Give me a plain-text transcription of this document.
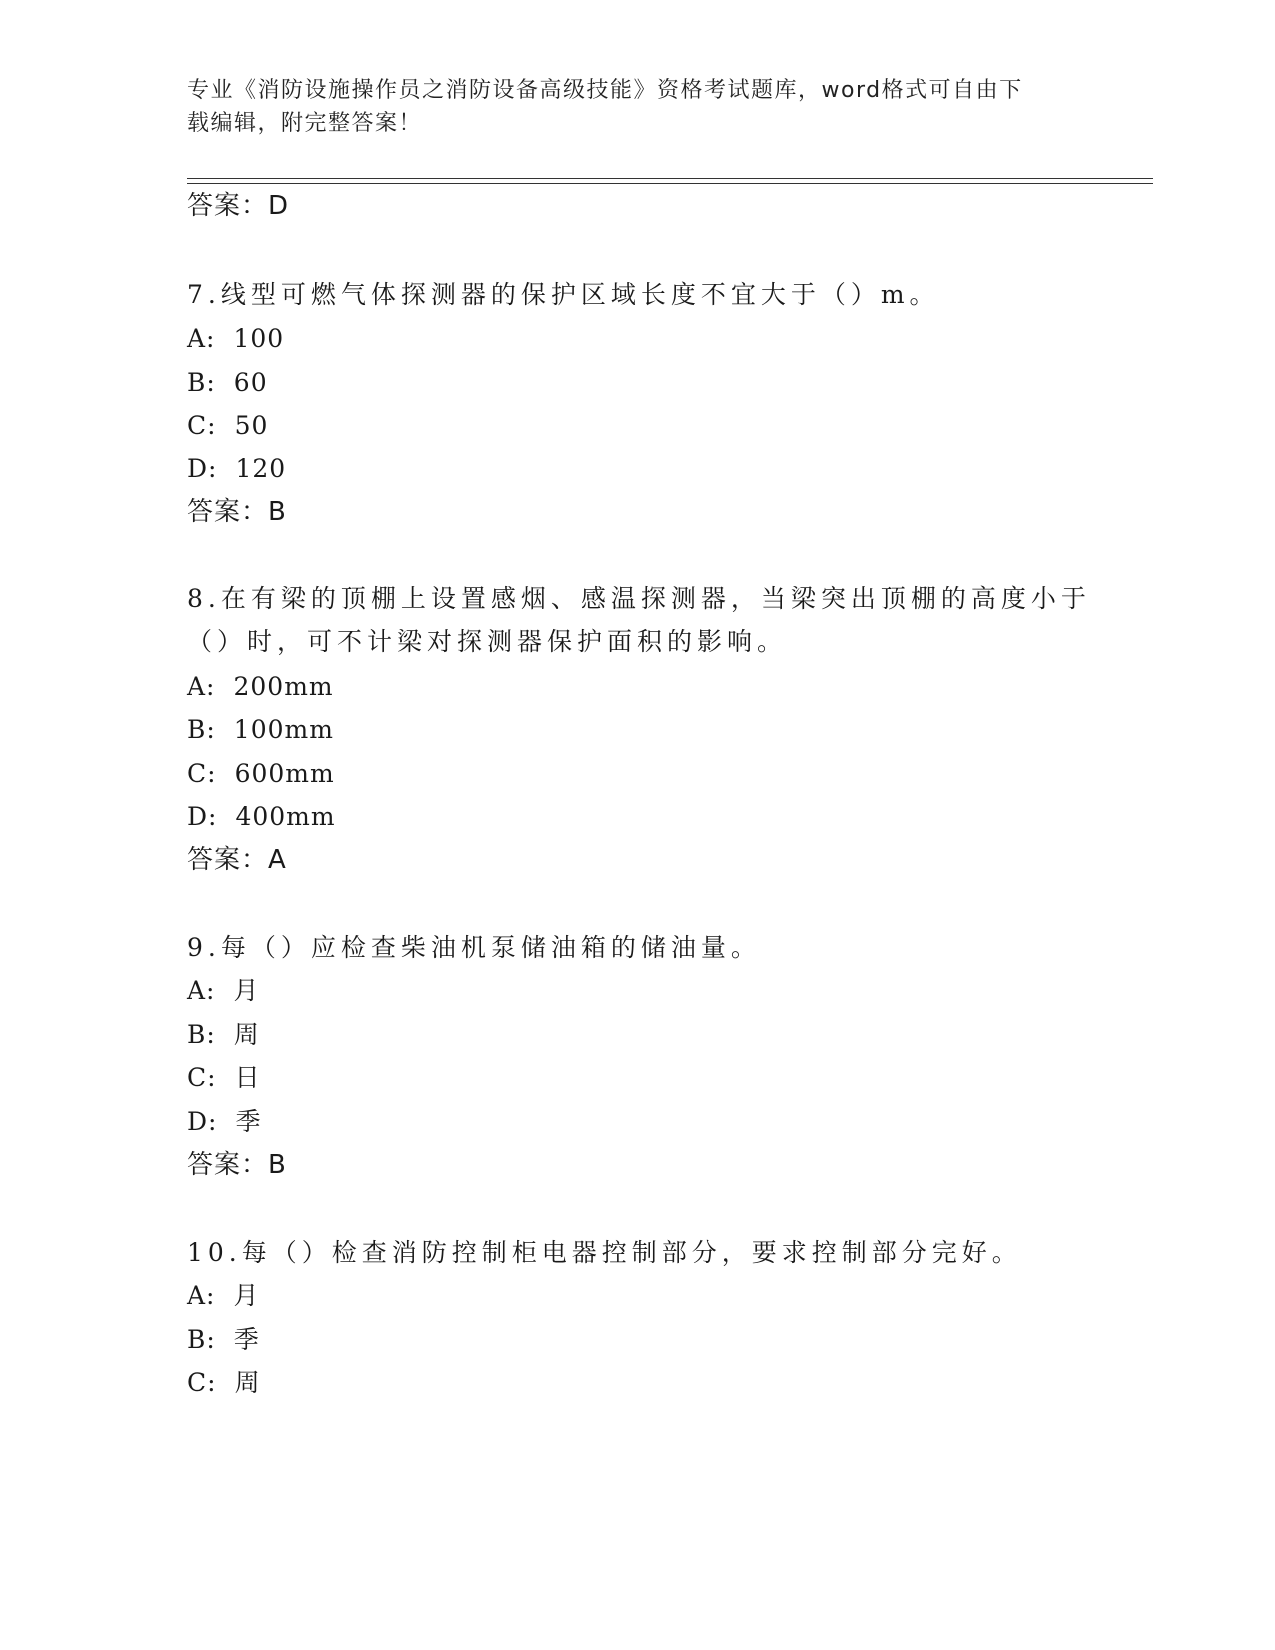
专业《消防设施操作员之消防设备高级技能》资格考试题库，word格式可自由下
载编辑，附完整答案！
答案：D
7.线型可燃气体探测器的保护区域长度不宜大于（）m。
A: 100
B: 60
C: 50
D: 120
答案：B
8.在有梁的顶棚上设置感烟、感温探测器，当梁突出顶棚的高度小于
（）时，可不计梁对探测器保护面积的影响。
A: 200mm
B: 100mm
C: 600mm
D: 400mm
答案：A
9.每（）应检查柴油机泵储油箱的储油量。
A: 月
B: 周
C: 日
D: 季
答案：B
10.每（）检查消防控制柜电器控制部分，要求控制部分完好。
A: 月
B: 季
C: 周
